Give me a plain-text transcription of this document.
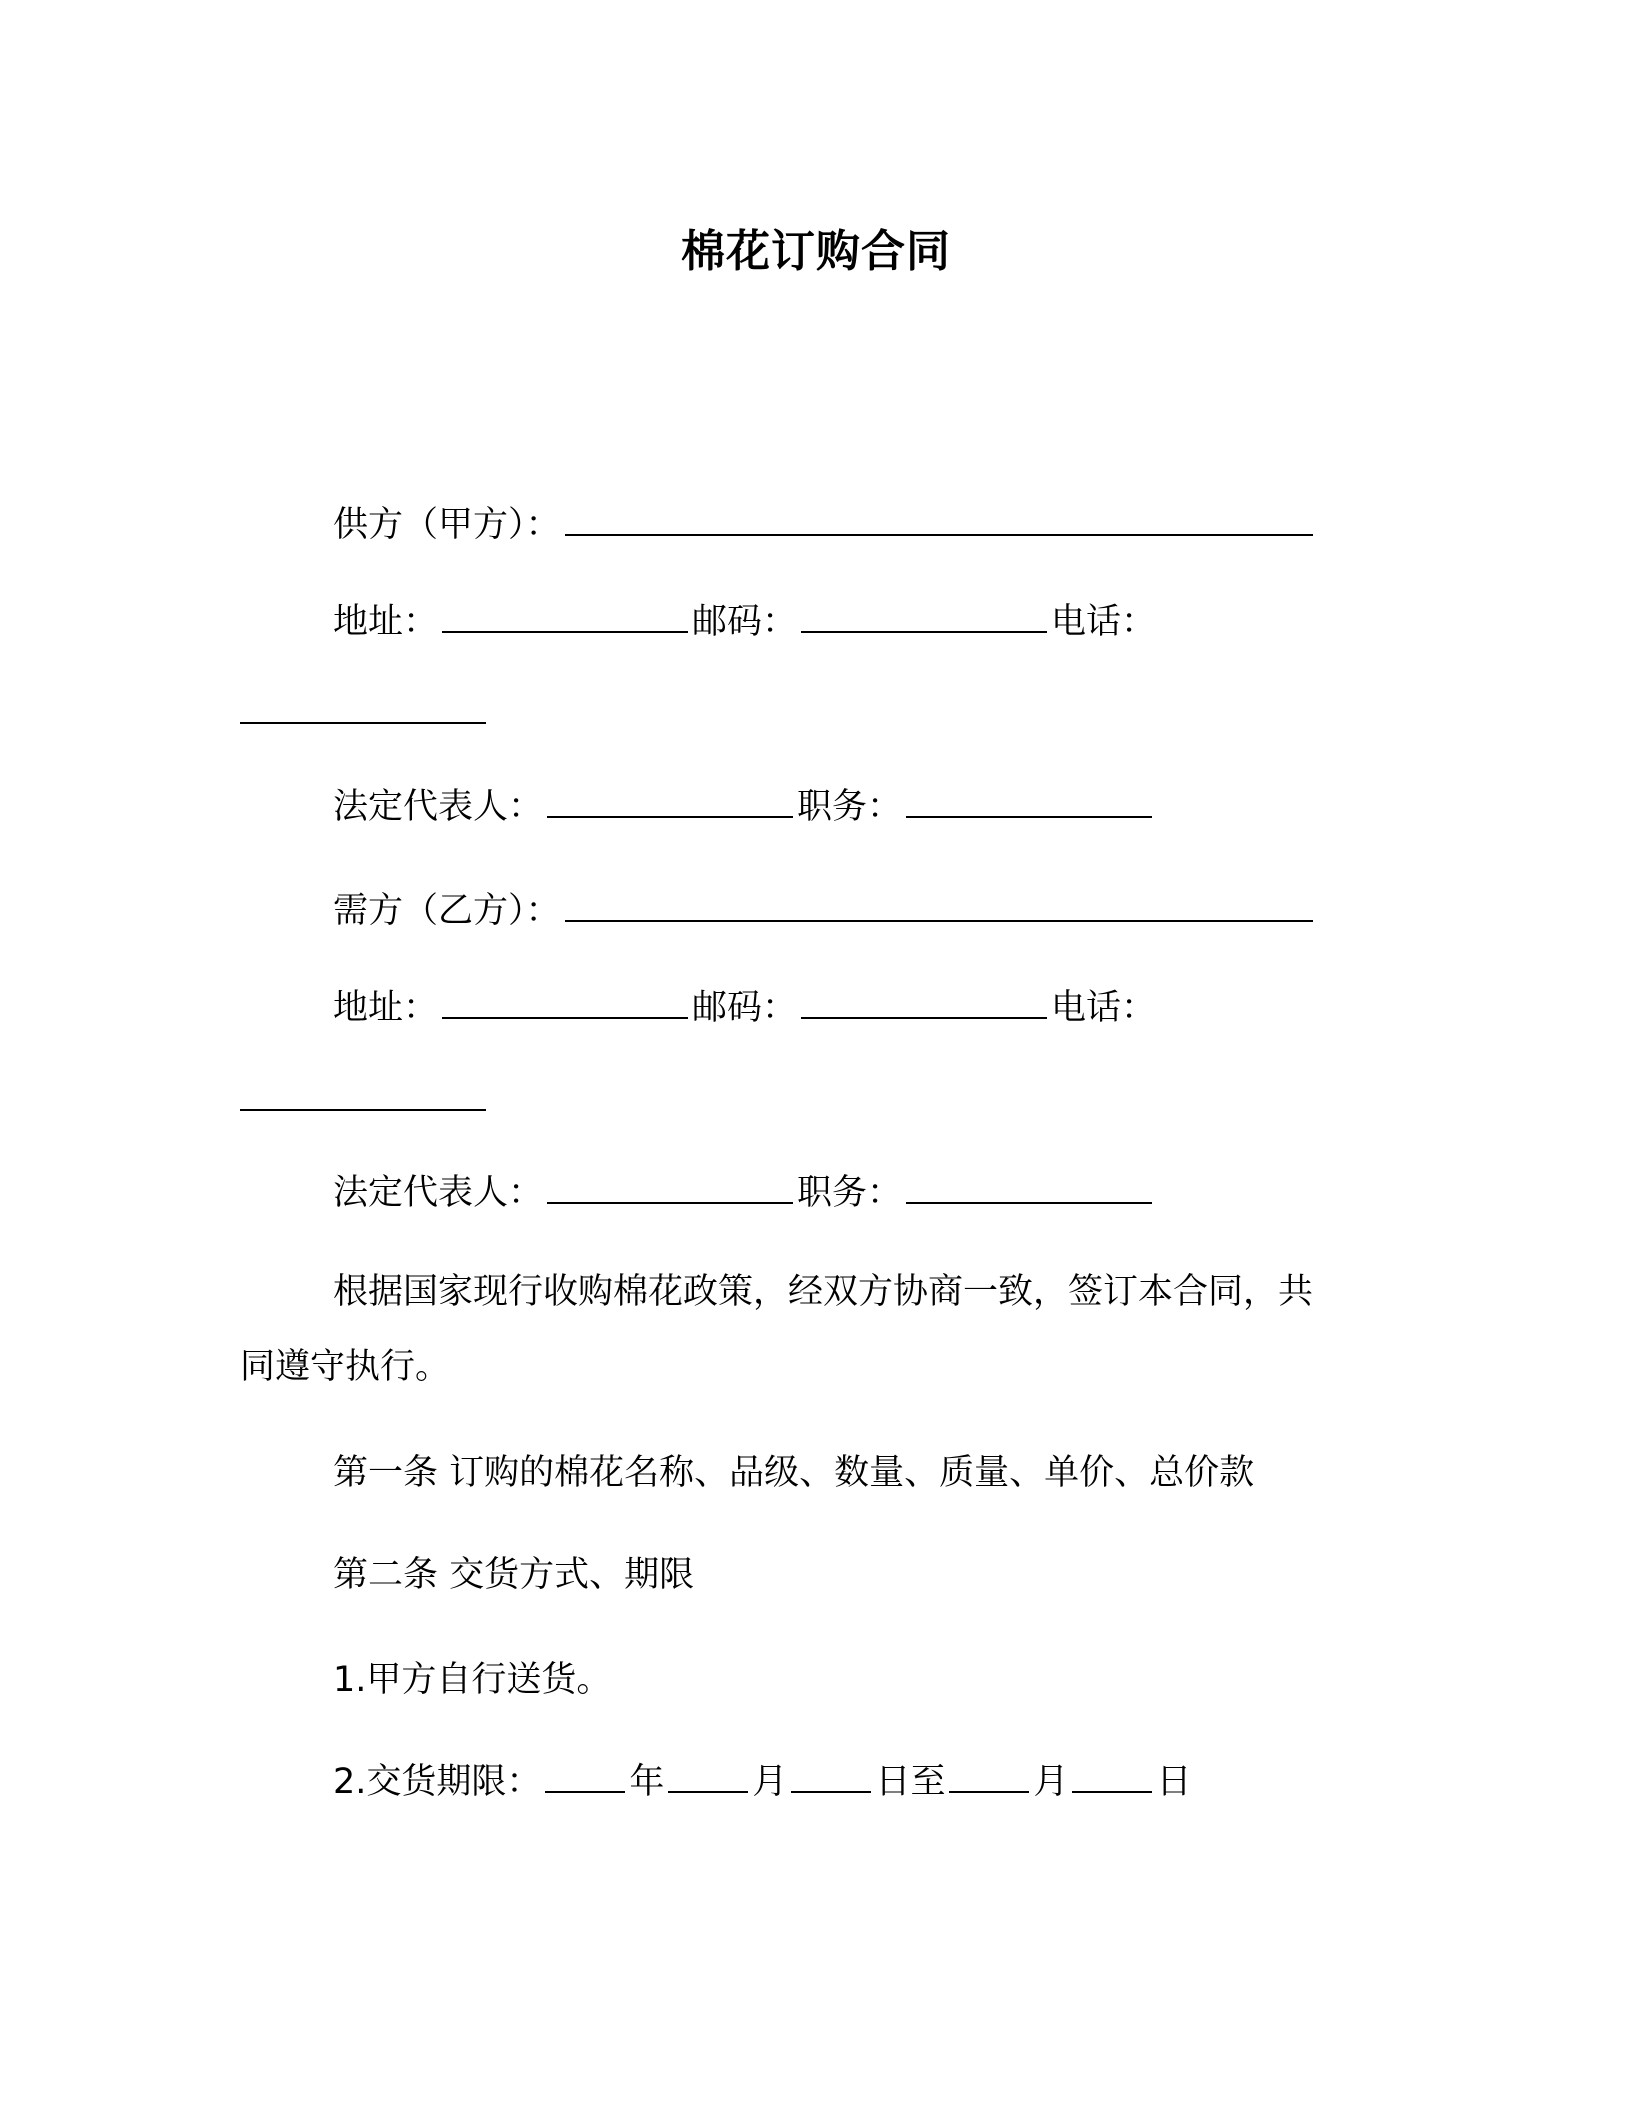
棉花订购合同
供方（甲方）：
地址：	邮码：	电话：
法定代表人：	职务：
需方（乙方）：
地址：	邮码：	电话：
法定代表人：	职务：
根据国家现行收购棉花政策，经双方协商一致，签订本合同，共
同遵守执行。
第一条 订购的棉花名称、品级、数量、质量、单价、总价款
第二条 交货方式、期限
1.甲方自行送货。
2.交货期限：	年	月	日至	月	日
